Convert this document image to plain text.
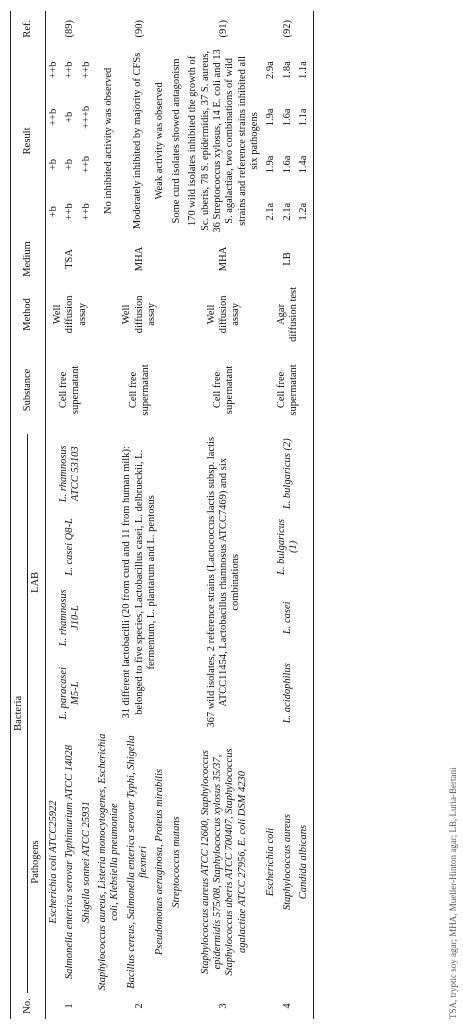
No.	Bacteria					Substance	Method	Medium	Result				Ref.
	Pathogens	LAB											
1	Escherichia coli ATCC25922	L. paracasei M5-L	L. rhamnosus J10-L	L. casei Q8-L	L. rhamnosus ATCC 53103	Cell free supernatant	Well diffusion assay	TSA	+b	+b	++b	++b	(89)
	Salmonella enterica serovar Typhimurium ATCC 14028								++b	+b	+b	++b	
	Shigella sonnei ATCC 25931								++b	++b	+++b	++b	
2	Staphylococcus aureus, Listeria monocytogenes, Escherichia coli, Klebsiella pneumoniae	31 different lactobacilli (20 from curd and 11 from human milk): belonged to five species, Lactobacillus casei, L. delbrueckii, L. fermentum, L. plantarum and L. pentosus				Cell free supermatant	Well diffusion assay	MHA	No inhibited activity was observed				(90)
	Bacillus cereus, Salmonella enterica serovar Typhi, Shigella flexneri								Moderately inhibited by majority of CFSs				
	Pseudomonas aeruginosa, Proteus mirabilis								Weak activity was observed				
	Streptococcus mutans								Some curd isolates showed antagonism				
3	Staphylococcus aureus ATCC 12600, Staphylococcus epidermidis 575/08, Staphylococcus xylosus 35/37, Staphylococcus uberis ATCC 700407, Staphylococcus agalactiae ATCC 27956, E. coli DSM 4230	367 wild isolates, 2 reference strains (Lactococcus lactis subsp. lactis ATCC11454, Lactobacillus rhamnosus ATCC7469) and six combinations				Cell free supernatant	Well diffusion assay	MHA	170 wild isolates inhibited the growth of Sc. uberis, 78 S. epidermidis, 37 S. aureus, 36 Streptococcus xylosus, 14 E. coli and 13 S. agalactiae, two combinations of wild strains and reference strains inhibited all six pathogens				(91)
4	Escherichia coli	L. acidophilus	L. casei	L. bulgaricus (1)	L. bulgaricus (2)	Cell free supermatant	Agar diffusion test	LB	2.1a	1.9a	1.9a	2.9a	(92)
	Staphylococcus aureus								2.1a	1.6a	1.6a	1.8a	
	Candida albicans								1.2a	1.4a	1.1a	1.1a	
TSA, tryptic soy agar; MHA, Mueller-Hinton agar; LB, Luria-Bertani
